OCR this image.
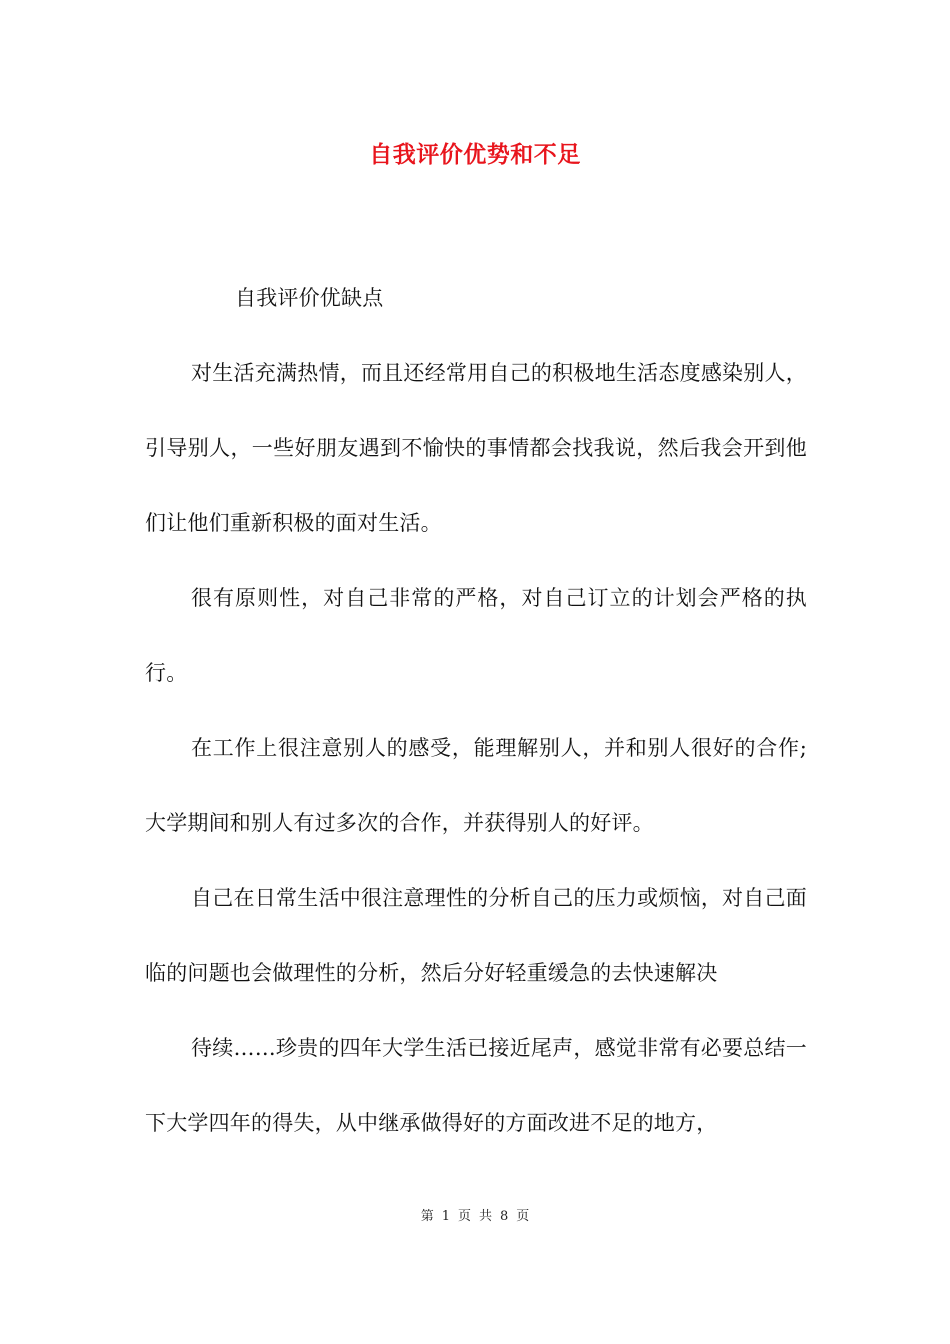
自我评价优势和不足

自我评价优缺点

对生活充满热情，而且还经常用自己的积极地生活态度感染别人，引导别人，一些好朋友遇到不愉快的事情都会找我说，然后我会开到他们让他们重新积极的面对生活。

很有原则性，对自己非常的严格，对自己订立的计划会严格的执行。

在工作上很注意别人的感受，能理解别人，并和别人很好的合作;大学期间和别人有过多次的合作，并获得别人的好评。

自己在日常生活中很注意理性的分析自己的压力或烦恼，对自己面临的问题也会做理性的分析，然后分好轻重缓急的去快速解决

待续……珍贵的四年大学生活已接近尾声，感觉非常有必要总结一下大学四年的得失，从中继承做得好的方面改进不足的地方，

第 1 页 共 8 页
